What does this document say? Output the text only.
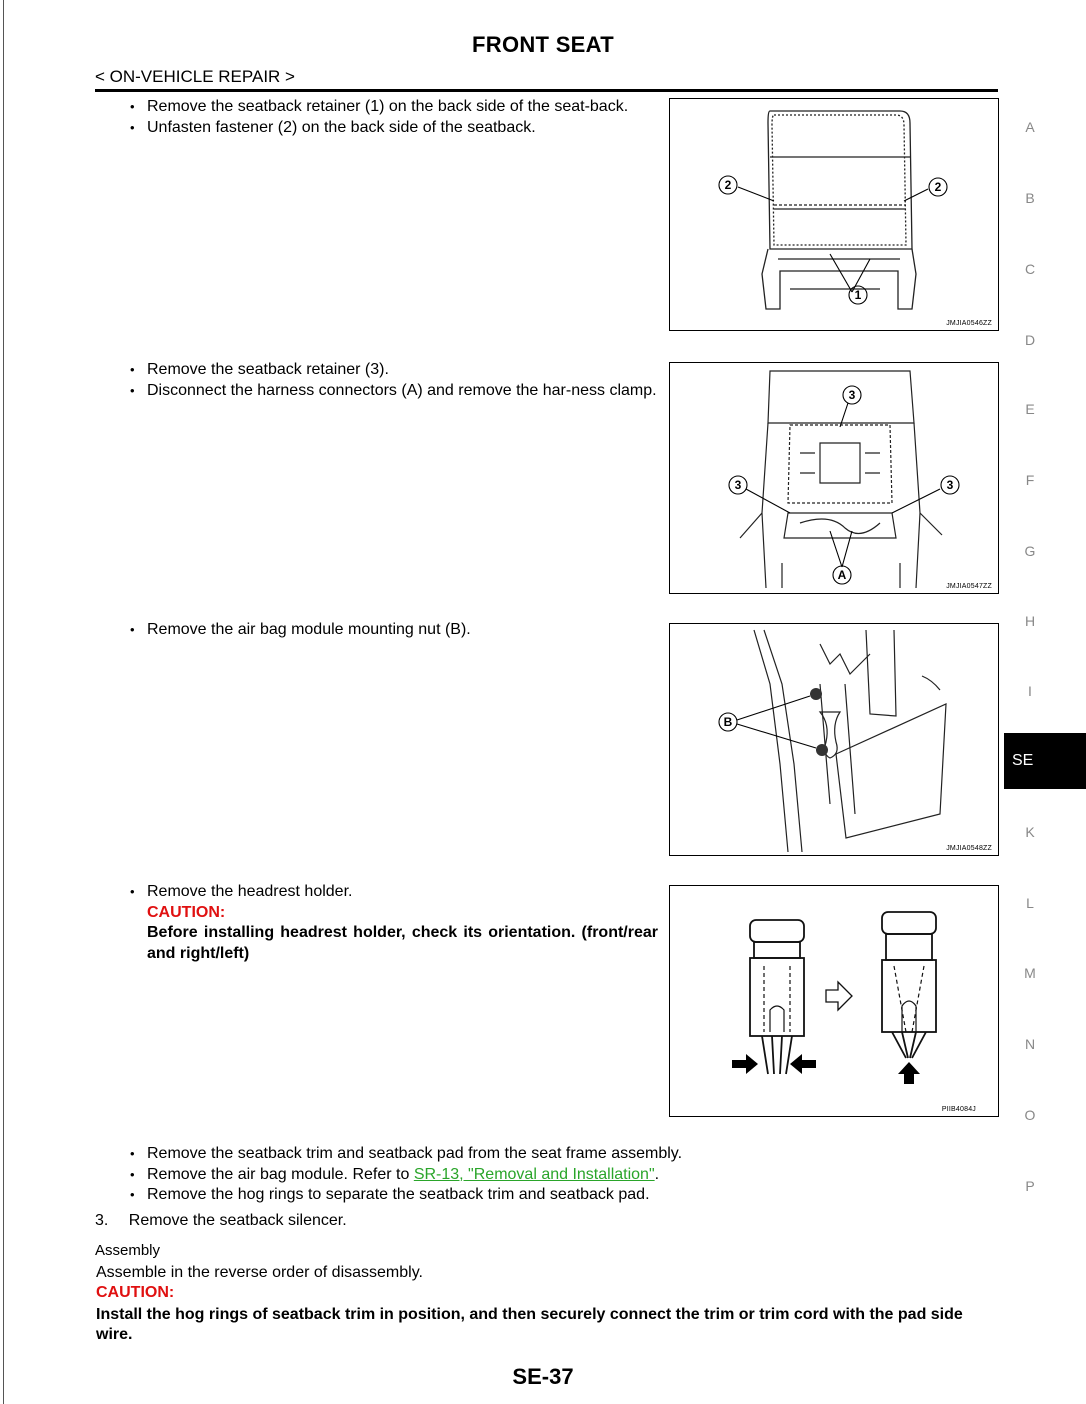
FRONT SEAT
< ON-VEHICLE REPAIR >
• Remove the seatback retainer (1) on the back side of the seat-back.
• Unfasten fastener (2) on the back side of the seatback.
2	2
1
JMJIA0546ZZ
• Remove the seatback retainer (3).
• Disconnect the harness connectors (A) and remove the har-ness clamp.	3
3	3
A
JMJIA0547ZZ
• Remove the air bag module mounting nut (B).
B
JMJIA0548ZZ
• Remove the headrest holder.
CAUTION:
Before installing headrest holder, check its orientation. (front/rear and right/left)
PIIB4084J
• Remove the seatback trim and seatback pad from the seat frame assembly.
• Remove the air bag module. Refer to SR-13, "Removal and Installation".
• Remove the hog rings to separate the seatback trim and seatback pad.
3. Remove the seatback silencer.
Assembly
Assemble in the reverse order of disassembly.
CAUTION:
Install the hog rings of seatback trim in position, and then securely connect the trim or trim cord with the pad side wire.
A
B
C
D
E
F
G
H
I
SE
K
L
M
N
O
P
SE-37
